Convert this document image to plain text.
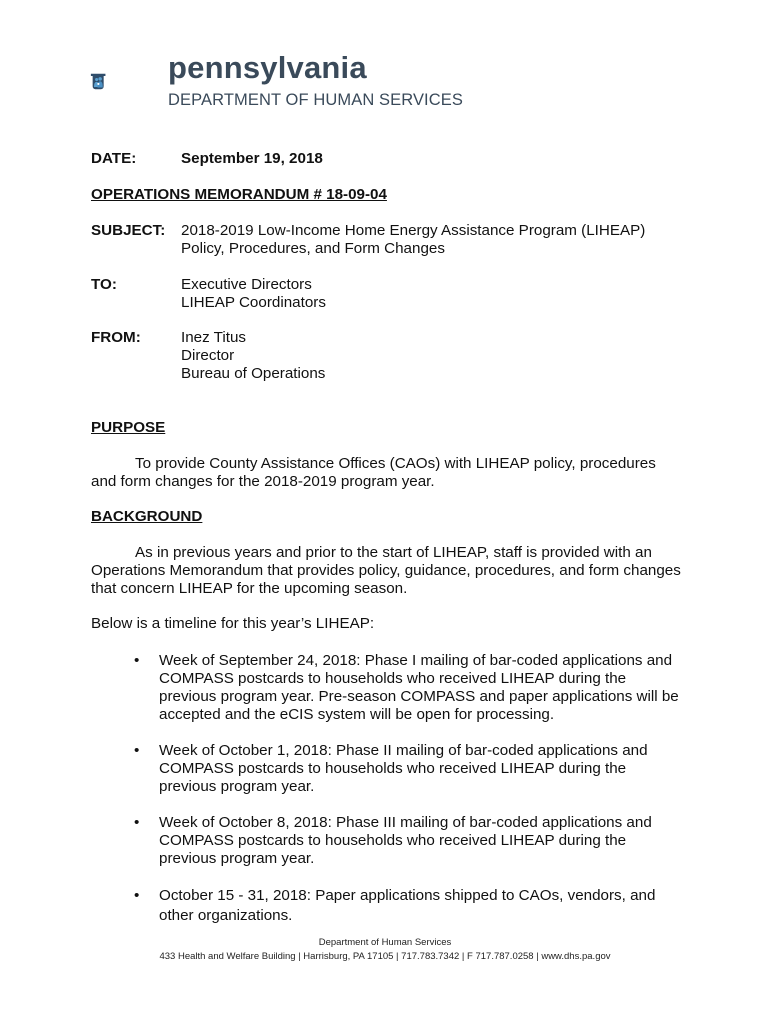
pennsylvania
DEPARTMENT OF HUMAN SERVICES
DATE:	September 19, 2018
OPERATIONS MEMORANDUM # 18-09-04
SUBJECT: 2018-2019 Low-Income Home Energy Assistance Program (LIHEAP)
Policy, Procedures, and Form Changes
TO:	Executive Directors
LIHEAP Coordinators
FROM:	Inez Titus
Director
Bureau of Operations
PURPOSE
To provide County Assistance Offices (CAOs) with LIHEAP policy, procedures
and form changes for the 2018-2019 program year.
BACKGROUND
As in previous years and prior to the start of LIHEAP, staff is provided with an
Operations Memorandum that provides policy, guidance, procedures, and form changes
that concern LIHEAP for the upcoming season.
Below is a timeline for this year’s LIHEAP:
• Week of September 24, 2018: Phase I mailing of bar-coded applications and
COMPASS postcards to households who received LIHEAP during the
previous program year. Pre-season COMPASS and paper applications will be
accepted and the eCIS system will be open for processing.
• Week of October 1, 2018: Phase II mailing of bar-coded applications and
COMPASS postcards to households who received LIHEAP during the
previous program year.
• Week of October 8, 2018: Phase III mailing of bar-coded applications and
COMPASS postcards to households who received LIHEAP during the
previous program year.
• October 15 - 31, 2018: Paper applications shipped to CAOs, vendors, and
other organizations.
Department of Human Services
433 Health and Welfare Building | Harrisburg, PA 17105 | 717.783.7342 | F 717.787.0258 | www.dhs.pa.gov
